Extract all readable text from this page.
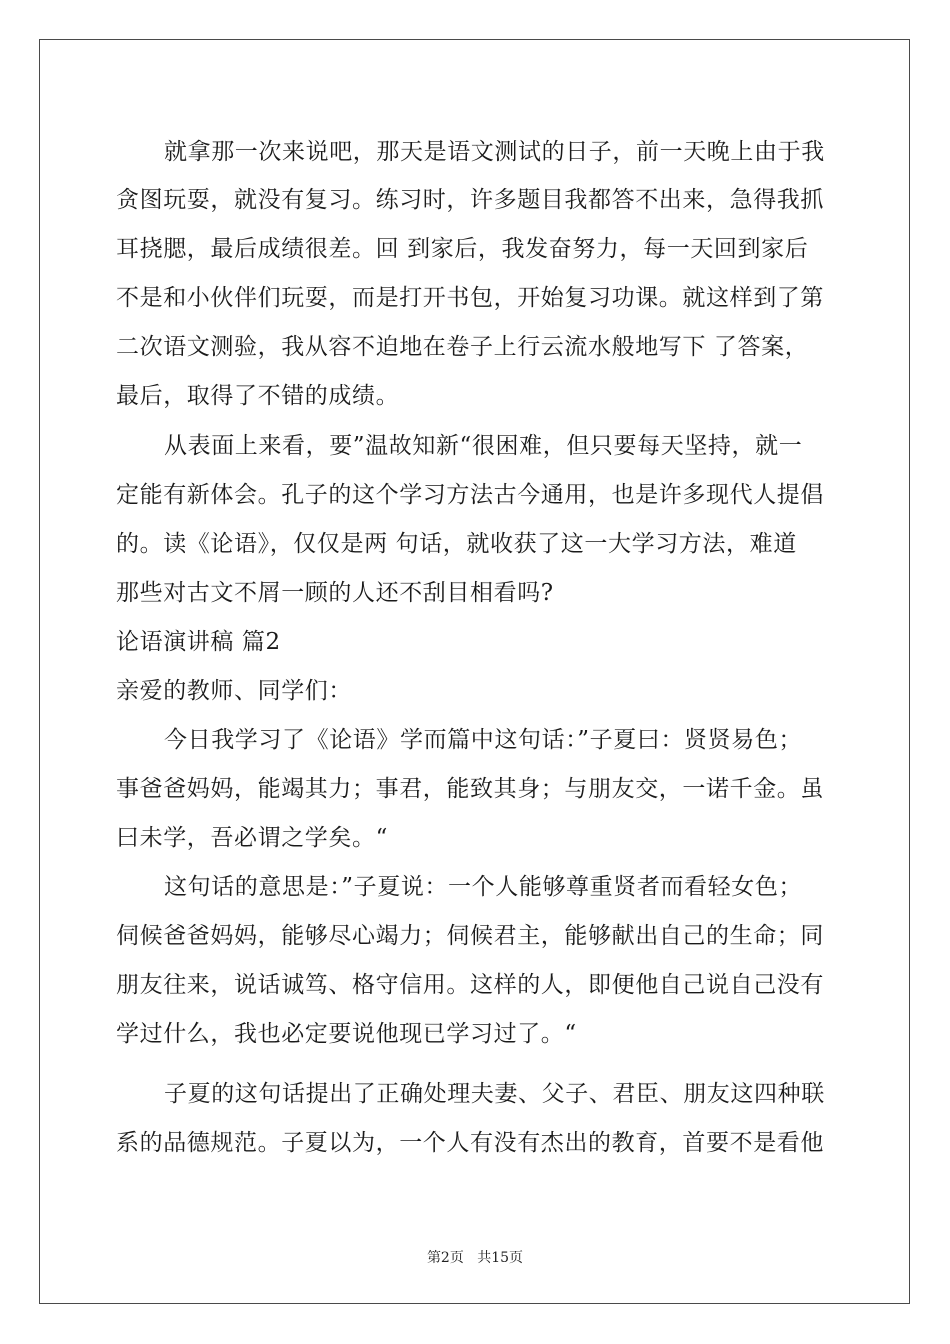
就拿那一次来说吧，那天是语文测试的日子，前一天晚上由于我
贪图玩耍，就没有复习。练习时，许多题目我都答不出来，急得我抓
耳挠腮，最后成绩很差。回 到家后，我发奋努力，每一天回到家后
不是和小伙伴们玩耍，而是打开书包，开始复习功课。就这样到了第
二次语文测验，我从容不迫地在卷子上行云流水般地写下 了答案，
最后，取得了不错的成绩。
从表面上来看，要”温故知新“很困难，但只要每天坚持，就一
定能有新体会。孔子的这个学习方法古今通用，也是许多现代人提倡
的。读《论语》，仅仅是两 句话，就收获了这一大学习方法，难道
那些对古文不屑一顾的人还不刮目相看吗?
论语演讲稿 篇2
亲爱的教师、同学们：
今日我学习了《论语》学而篇中这句话：”子夏曰：贤贤易色；
事爸爸妈妈，能竭其力；事君，能致其身；与朋友交，一诺千金。虽
曰未学，吾必谓之学矣。“
这句话的意思是：”子夏说：一个人能够尊重贤者而看轻女色；
伺候爸爸妈妈，能够尽心竭力；伺候君主，能够献出自己的生命；同
朋友往来，说话诚笃、格守信用。这样的人，即便他自己说自己没有
学过什么，我也必定要说他现已学习过了。“
子夏的这句话提出了正确处理夫妻、父子、君臣、朋友这四种联
系的品德规范。子夏以为，一个人有没有杰出的教育，首要不是看他
第2页 共15页
